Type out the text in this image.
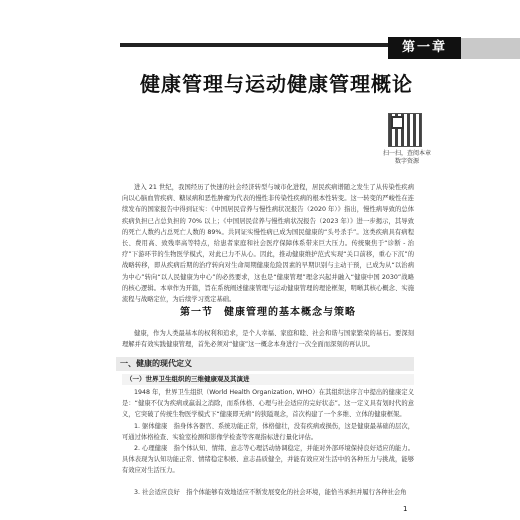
第一章
健康管理与运动健康管理概论
扫一扫，查阅本章数字资源
进入 21 世纪，我国经历了快速的社会经济转型与城市化进程，居民疾病谱随之发生了从传染性疾病向以心脑血管疾病、糖尿病和恶性肿瘤为代表的慢性非传染性疾病的根本性转变。这一转变的严峻性在连续发布的国家报告中得到证实：《中国居民营养与慢性病状况报告（2020 年）》指出，慢性病导致的总体疾病负担已占总负担的 70% 以上；《中国居民营养与慢性病状况报告（2023 年）》进一步揭示，其导致的死亡人数约占总死亡人数的 89%。共同证实慢性病已成为国民健康的“头号杀手”。这类疾病具有病程长、费用高、致残率高等特点，给患者家庭和社会医疗保障体系带来巨大压力。传统聚焦于“诊断 - 治疗”下游环节的生物医学模式，对此已力不从心。因此，推动健康维护范式实现“关口前移，重心下沉”的战略转移，即从疾病后期的治疗转向对生命周期健康危险因素的早期识别与主动干预，已成为从“以治病为中心”转向“以人民健康为中心”的必然要求，这也是“健康管理”理念兴起并融入“健康中国 2030”战略的核心逻辑。本章作为开篇，旨在系统阐述健康管理与运动健康管理的理论框架，明晰其核心概念、实施流程与战略定位，为后续学习奠定基础。
第一节　健康管理的基本概念与策略
健康，作为人类最基本的权利和追求，是个人幸福、家庭和睦、社会和谐与国家繁荣的基石。要深刻理解并有效实践健康管理，首先必须对“健康”这一概念本身进行一次全面而深刻的再认识。
一、健康的现代定义
（一）世界卫生组织的三维健康观及其演进
1948 年，世界卫生组织（World Health Organization, WHO）在其组织法序言中提出的健康定义是：“健康不仅为疾病或羸弱之消除，而系体格、心理与社会适应的完好状态”。这一定义具有划时代的意义，它突破了传统生物医学模式下“健康即无病”的狭隘观念，首次构建了一个多维、立体的健康框架。
1. 躯体健康　指身体各器官、系统功能正常，体格健壮，没有疾病或损伤，这是健康最基础的层次，可通过体格检查、实验室检测和影像学检查等客观指标进行量化评估。
2. 心理健康　指个体认知、情绪、意志等心理活动协调稳定，并能对外部环境保持良好适应的能力。具体表现为认知功能正常、情绪稳定积极、意志品质健全，并能有效应对生活中的各种压力与挑战，能够有效应对生活压力。
3. 社会适应良好　指个体能够有效地适应不断发展变化的社会环境，能恰当承担并履行各种社会角
1
